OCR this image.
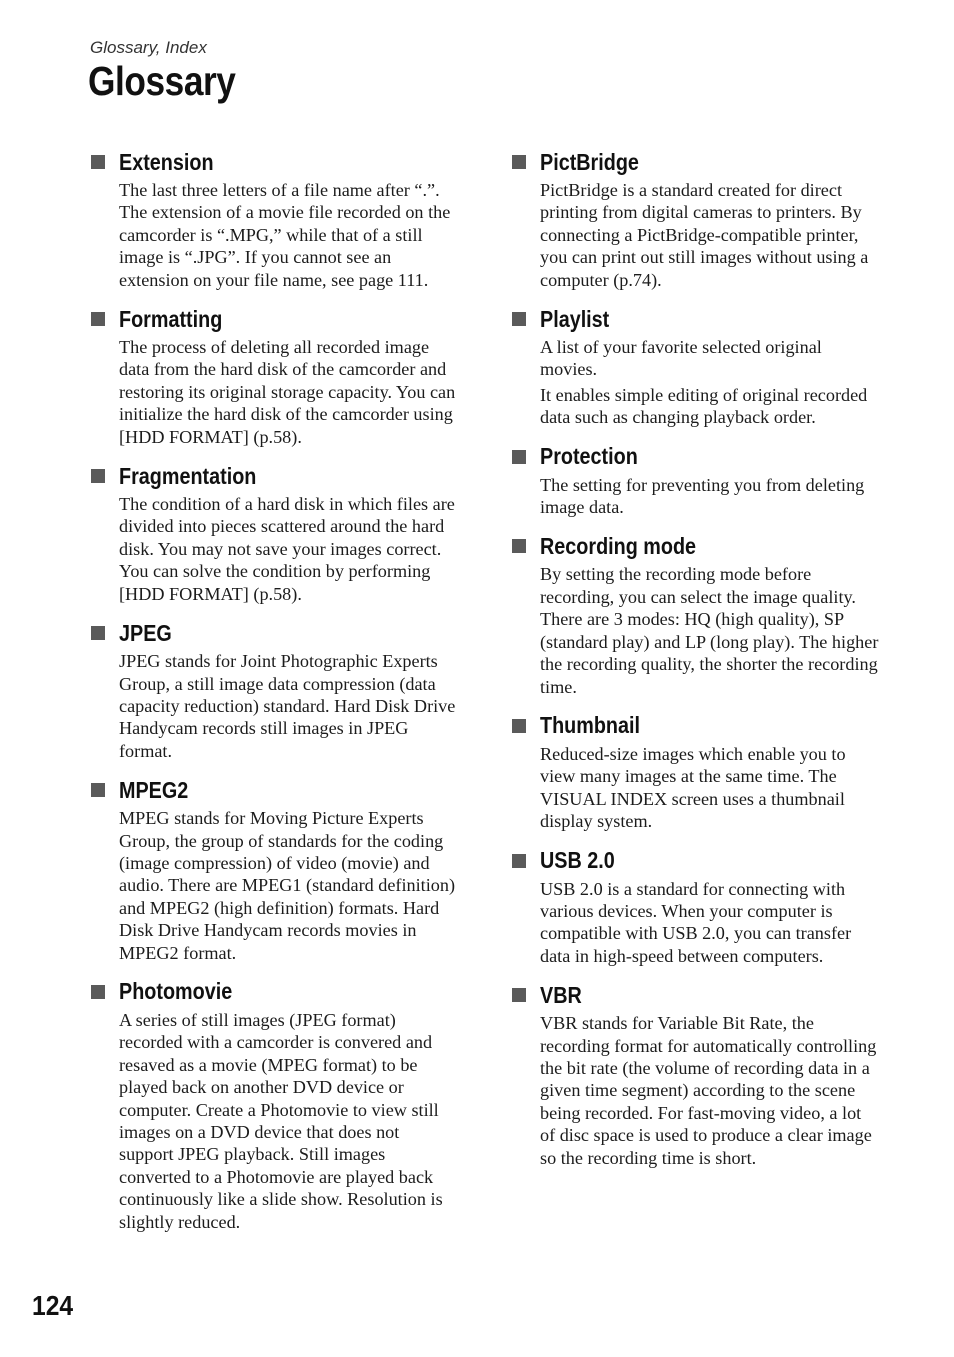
Glossary, Index
Glossary
Extension

The last three letters of a file name after “.”. The extension of a movie file recorded on the camcorder is “.MPG,” while that of a still image is “.JPG”. If you cannot see an extension on your file name, see page 111.

Formatting

The process of deleting all recorded image data from the hard disk of the camcorder and restoring its original storage capacity. You can initialize the hard disk of the camcorder using [HDD FORMAT] (p.58).

Fragmentation

The condition of a hard disk in which files are divided into pieces scattered around the hard disk. You may not save your images correct. You can solve the condition by performing [HDD FORMAT] (p.58).

JPEG

JPEG stands for Joint Photographic Experts Group, a still image data compression (data capacity reduction) standard. Hard Disk Drive Handycam records still images in JPEG format.

MPEG2

MPEG stands for Moving Picture Experts Group, the group of standards for the coding (image compression) of video (movie) and audio. There are MPEG1 (standard definition) and MPEG2 (high definition) formats. Hard Disk Drive Handycam records movies in MPEG2 format.

Photomovie

A series of still images (JPEG format) recorded with a camcorder is convered and resaved as a movie (MPEG format) to be played back on another DVD device or computer. Create a Photomovie to view still images on a DVD device that does not support JPEG playback. Still images converted to a Photomovie are played back continuously like a slide show. Resolution is slightly reduced.

PictBridge

PictBridge is a standard created for direct printing from digital cameras to printers. By connecting a PictBridge-compatible printer, you can print out still images without using a computer (p.74).

Playlist

A list of your favorite selected original movies.

It enables simple editing of original recorded data such as changing playback order.

Protection

The setting for preventing you from deleting image data.

Recording mode

By setting the recording mode before recording, you can select the image quality. There are 3 modes: HQ (high quality), SP (standard play) and LP (long play). The higher the recording quality, the shorter the recording time.

Thumbnail

Reduced-size images which enable you to view many images at the same time. The VISUAL INDEX screen uses a thumbnail display system.

USB 2.0

USB 2.0 is a standard for connecting with various devices. When your computer is compatible with USB 2.0, you can transfer data in high-speed between computers.

VBR

VBR stands for Variable Bit Rate, the recording format for automatically controlling the bit rate (the volume of recording data in a given time segment) according to the scene being recorded. For fast-moving video, a lot of disc space is used to produce a clear image so the recording time is short.

124
